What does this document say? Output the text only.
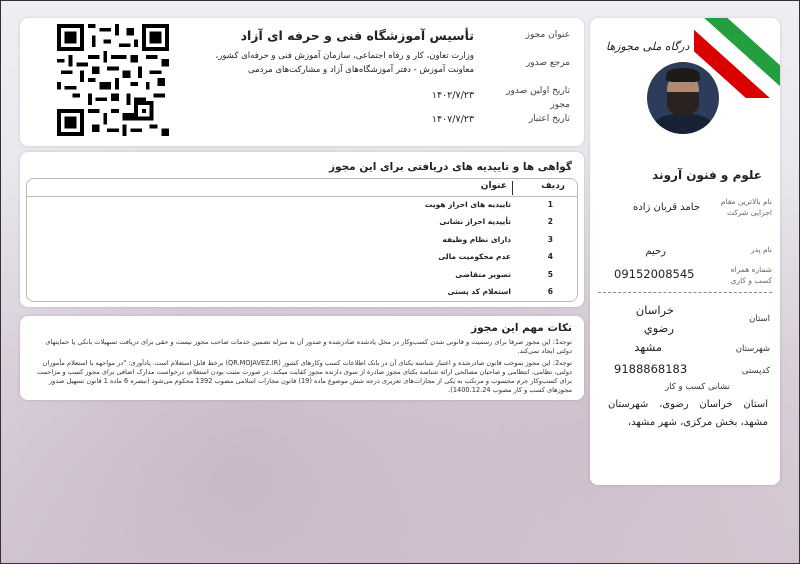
درگاه ملی مجوزها
علوم و فنون آروند
نام بالاترین مقام اجرایی شرکت
حامد قربان زاده
نام پدر
رحیم
شماره همراه کسب و کاری
09152008545
استان
خراسان رضوي
شهرستان
مشهد
کدپستی
9188868183
نشانی کسب و کار
استان خراسان رضوی، شهرستان مشهد، بخش مرکزی، شهر مشهد،
عنوان مجوز
تأسیس آموزشگاه فنی و حرفه ای آزاد
مرجع صدور
وزارت تعاون، کار و رفاه اجتماعی، سازمان آموزش فنی و حرفه‌ای کشور، معاونت آموزش - دفتر آموزشگاه‌های آزاد و مشارکت‌های مردمی
تاریخ اولین صدور مجوز
۱۴۰۲/۷/۲۳
تاریخ اعتبار
۱۴۰۷/۷/۲۳
گواهی ها و تاییدیه های دریافتی برای این مجوز
ردیف
عنوان
1
تاییدیه های احراز هویت
2
تأییدیه احراز نشانی
3
دارای نظام وظیفه
4
عدم محکومیت مالی
5
تصویر متقاضی
6
استعلام کد پستی
نکات مهم این مجوز
توجه1: این مجوز صرفا برای رسمیت و قانونی شدن کسب‌وکار در محل یادشده صادرشده و صدور آن به منزله تضمین خدمات صاحب مجوز نیست و حقی برای دریافت تسهیلات بانکی یا حمایتهای دولتی ایجاد نمی‌کند.
توجه2: این مجوز بموجب قانون صادرشده و اعتبار شناسه یکتای آن در بانک اطلاعات کسب وکارهای کشور (QR.MOJAVEZ.IR) برخط قابل استعلام است. یادآوری: "در مواجهه با استعلام مأموران دولتی، نظامی، انتظامی و صاحبان مصالحی ارائه شناسه یکتای مجوز صادرة از سوی دارنده مجوز کفایت میکند. در صورت مثبت بودن استعلام، درخواست مدارک اضافی برای مجوز کسب و مزاحمت برای کسب‌وکار جرم محسوب و مرتکب به یکی از مجازات‌های تعزیری درجه شش موضوع ماده (19) قانون مجازات اسلامی مصوب 1392 محکوم می‌شود (تبصره 6 ماده 1 قانون تسهیل صدور مجوزهای کسب و کار مصوب 1400.12.24).
